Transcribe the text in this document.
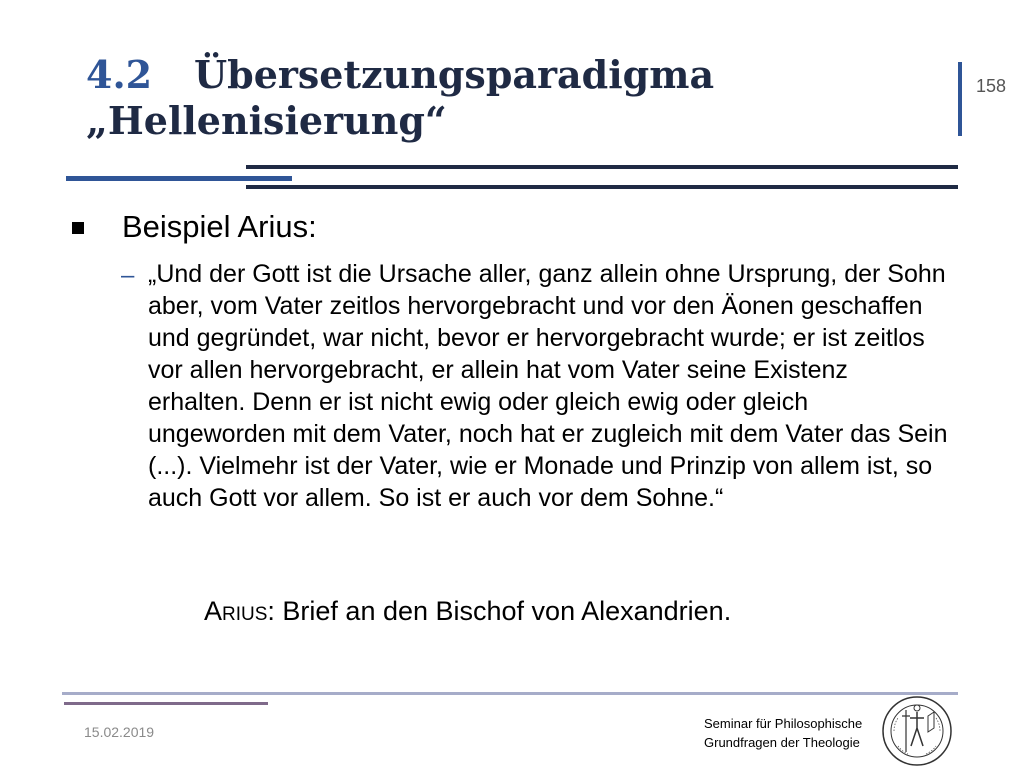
4.2 Übersetzungsparadigma
„Hellenisierung“
158
Beispiel Arius:
– „Und der Gott ist die Ursache aller, ganz allein ohne Ursprung, der Sohn aber, vom Vater zeitlos hervorgebracht und vor den Äonen geschaffen und gegründet, war nicht, bevor er hervorgebracht wurde; er ist zeitlos vor allen hervorgebracht, er allein hat vom Vater seine Existenz erhalten. Denn er ist nicht ewig oder gleich ewig oder gleich ungeworden mit dem Vater, noch hat er zugleich mit dem Vater das Sein (...). Vielmehr ist der Vater, wie er Monade und Prinzip von allem ist, so auch Gott vor allem. So ist er auch vor dem Sohne.“

Arius: Brief an den Bischof von Alexandrien.
15.02.2019
Seminar für Philosophische
Grundfragen der Theologie
